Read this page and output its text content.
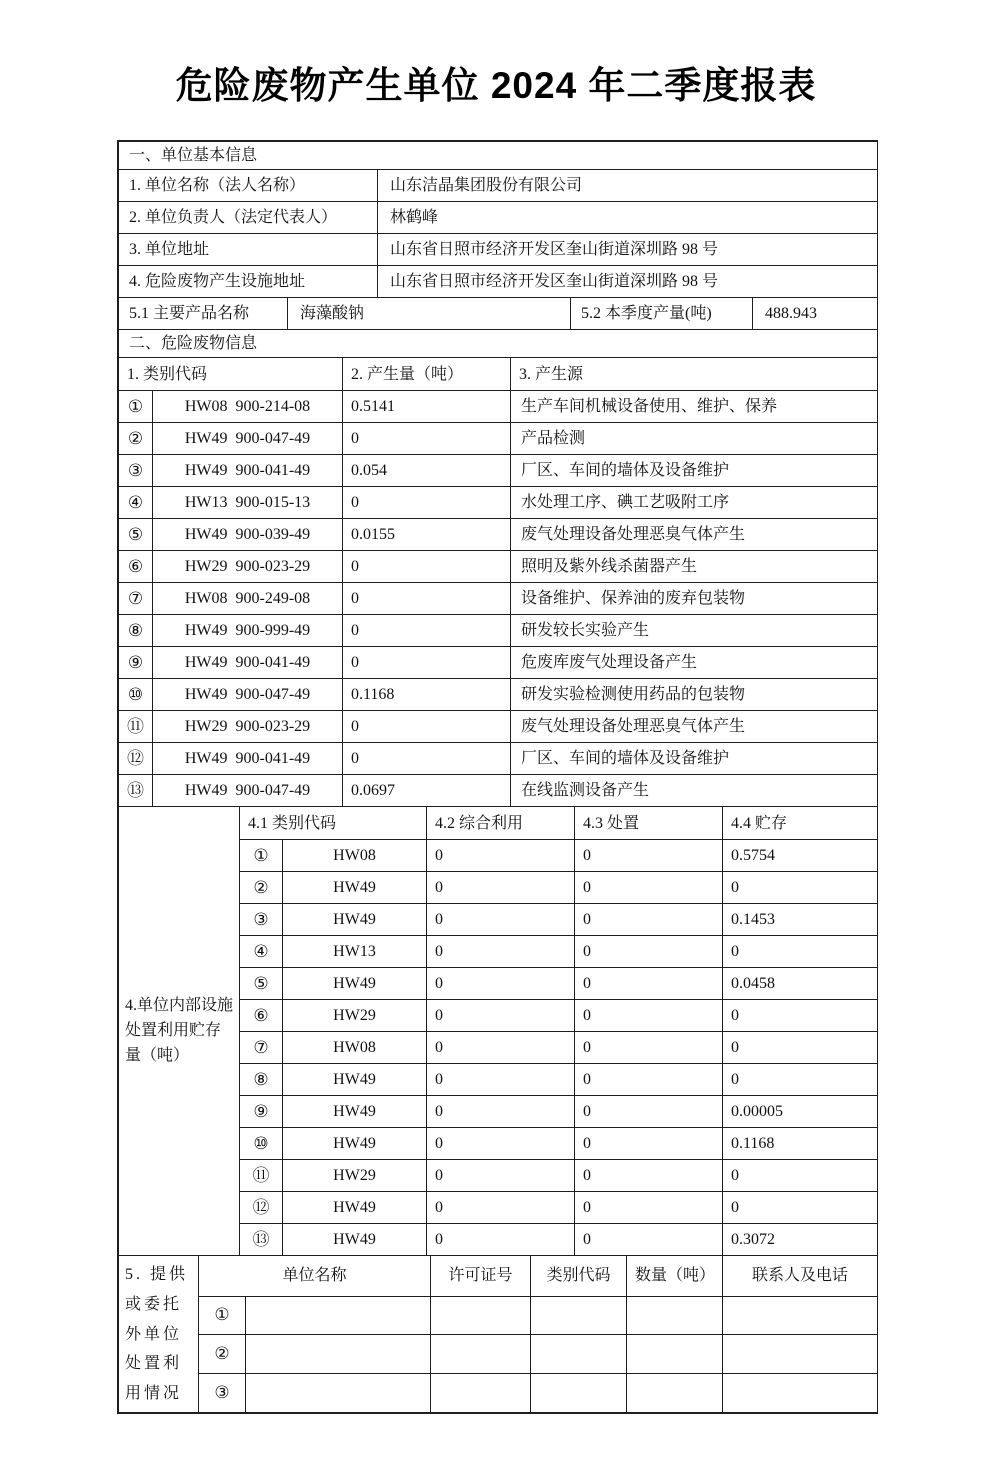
危险废物产生单位 2024 年二季度报表
一、单位基本信息				
1. 单位名称（法人名称）		山东洁晶集团股份有限公司		
2. 单位负责人（法定代表人）		林鹤峰		
3. 单位地址		山东省日照市经济开发区奎山街道深圳路 98 号		
4. 危险废物产生设施地址		山东省日照市经济开发区奎山街道深圳路 98 号		
5.1 主要产品名称	海藻酸钠		5.2 本季度产量(吨)	488.943
二、危险废物信息			
1. 类别代码		2. 产生量（吨）	3. 产生源
①	HW08  900-214-08	0.5141	生产车间机械设备使用、维护、保养
②	HW49  900-047-49	0	产品检测
③	HW49  900-041-49	0.054	厂区、车间的墙体及设备维护
④	HW13  900-015-13	0	水处理工序、碘工艺吸附工序
⑤	HW49  900-039-49	0.0155	废气处理设备处理恶臭气体产生
⑥	HW29  900-023-29	0	照明及紫外线杀菌器产生
⑦	HW08  900-249-08	0	设备维护、保养油的废弃包装物
⑧	HW49  900-999-49	0	研发较长实验产生
⑨	HW49  900-041-49	0	危废库废气处理设备产生
⑩	HW49  900-047-49	0.1168	研发实验检测使用药品的包装物
⑪	HW29  900-023-29	0	废气处理设备处理恶臭气体产生
⑫	HW49  900-041-49	0	厂区、车间的墙体及设备维护
⑬	HW49  900-047-49	0.0697	在线监测设备产生
4.单位内部设施处置利用贮存量（吨）	4.1 类别代码		4.2 综合利用	4.3 处置	4.4 贮存
	①	HW08	0	0	0.5754
	②	HW49	0	0	0
	③	HW49	0	0	0.1453
	④	HW13	0	0	0
	⑤	HW49	0	0	0.0458
	⑥	HW29	0	0	0
	⑦	HW08	0	0	0
	⑧	HW49	0	0	0
	⑨	HW49	0	0	0.00005
	⑩	HW49	0	0	0.1168
	⑪	HW29	0	0	0
	⑫	HW49	0	0	0
	⑬	HW49	0	0	0.3072
5. 提供或委托外单位处置利用情况	单位名称		许可证号	类别代码	数量（吨）	联系人及电话
	①					
	②					
	③					
